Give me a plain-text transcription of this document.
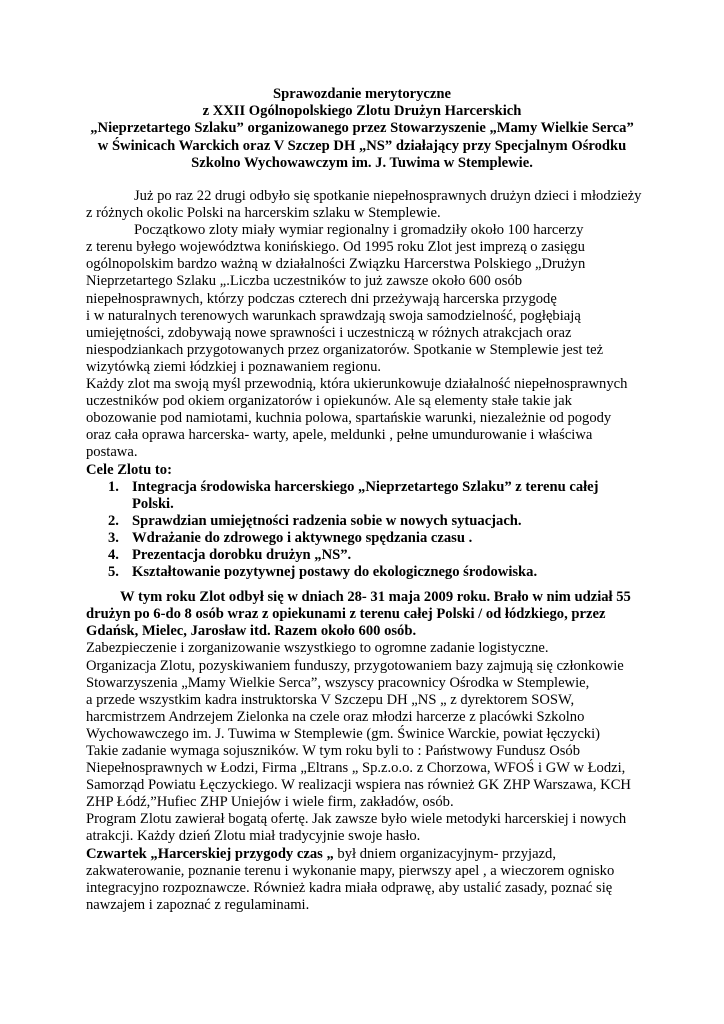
Sprawozdanie merytoryczne
z XXII Ogólnopolskiego Zlotu Drużyn Harcerskich
„Nieprzetartego Szlaku” organizowanego przez Stowarzyszenie „Mamy Wielkie Serca”
w Świnicach Warckich oraz V Szczep DH „NS” działający przy Specjalnym Ośrodku
Szkolno Wychowawczym im. J. Tuwima w Stemplewie.
Już po raz 22 drugi odbyło się spotkanie niepełnosprawnych drużyn dzieci i młodzieży
z różnych okolic Polski na harcerskim szlaku w Stemplewie.
Początkowo zloty miały wymiar regionalny i gromadziły około 100 harcerzy
z terenu byłego województwa konińskiego. Od 1995 roku Zlot jest imprezą o zasięgu
ogólnopolskim bardzo ważną w działalności Związku Harcerstwa Polskiego „Drużyn
Nieprzetartego Szlaku „.Liczba uczestników to już zawsze około 600 osób
niepełnosprawnych, którzy podczas czterech dni przeżywają harcerska przygodę
i w naturalnych terenowych warunkach sprawdzają swoja samodzielność, pogłębiają
umiejętności, zdobywają nowe sprawności i uczestniczą w różnych atrakcjach oraz
niespodziankach przygotowanych przez organizatorów. Spotkanie w Stemplewie jest też
wizytówką ziemi łódzkiej i poznawaniem regionu.
Każdy zlot ma swoją myśl przewodnią, która ukierunkowuje działalność niepełnosprawnych
uczestników pod okiem organizatorów i opiekunów. Ale są elementy stałe takie jak
obozowanie pod namiotami, kuchnia polowa, spartańskie warunki, niezależnie od pogody
oraz cała oprawa harcerska- warty, apele, meldunki , pełne umundurowanie i właściwa
postawa.
Cele Zlotu to:
1. Integracja środowiska harcerskiego „Nieprzetartego Szlaku” z terenu całej
Polski.
2. Sprawdzian umiejętności radzenia sobie w nowych sytuacjach.
3. Wdrażanie do zdrowego i aktywnego spędzania czasu .
4. Prezentacja dorobku drużyn „NS”.
5. Kształtowanie pozytywnej postawy do ekologicznego środowiska.
W tym roku Zlot odbył się w dniach 28- 31 maja 2009 roku. Brało w nim udział 55
drużyn po 6-do 8 osób wraz z opiekunami z terenu całej Polski / od łódzkiego, przez
Gdańsk, Mielec, Jarosław itd. Razem około 600 osób.
Zabezpieczenie i zorganizowanie wszystkiego to ogromne zadanie logistyczne.
Organizacja Zlotu, pozyskiwaniem funduszy, przygotowaniem bazy zajmują się członkowie
Stowarzyszenia „Mamy Wielkie Serca”, wszyscy pracownicy Ośrodka w Stemplewie,
a przede wszystkim kadra instruktorska V Szczepu DH „NS „ z dyrektorem SOSW,
harcmistrzem Andrzejem Zielonka na czele oraz młodzi harcerze z placówki Szkolno
Wychowawczego im. J. Tuwima w Stemplewie (gm. Świnice Warckie, powiat łęczycki)
Takie zadanie wymaga sojuszników. W tym roku byli to : Państwowy Fundusz Osób
Niepełnosprawnych w Łodzi, Firma „Eltrans „ Sp.z.o.o. z Chorzowa, WFOŚ i GW w Łodzi,
Samorząd Powiatu Łęczyckiego. W realizacji wspiera nas również GK ZHP Warszawa, KCH
ZHP Łódź,”Hufiec ZHP Uniejów i wiele firm, zakładów, osób.
Program Zlotu zawierał bogatą ofertę. Jak zawsze było wiele metodyki harcerskiej i nowych
atrakcji. Każdy dzień Zlotu miał tradycyjnie swoje hasło.
Czwartek „Harcerskiej przygody czas „ był dniem organizacyjnym- przyjazd,
zakwaterowanie, poznanie terenu i wykonanie mapy, pierwszy apel , a wieczorem ognisko
integracyjno rozpoznawcze. Również kadra miała odprawę, aby ustalić zasady, poznać się
nawzajem i zapoznać z regulaminami.
